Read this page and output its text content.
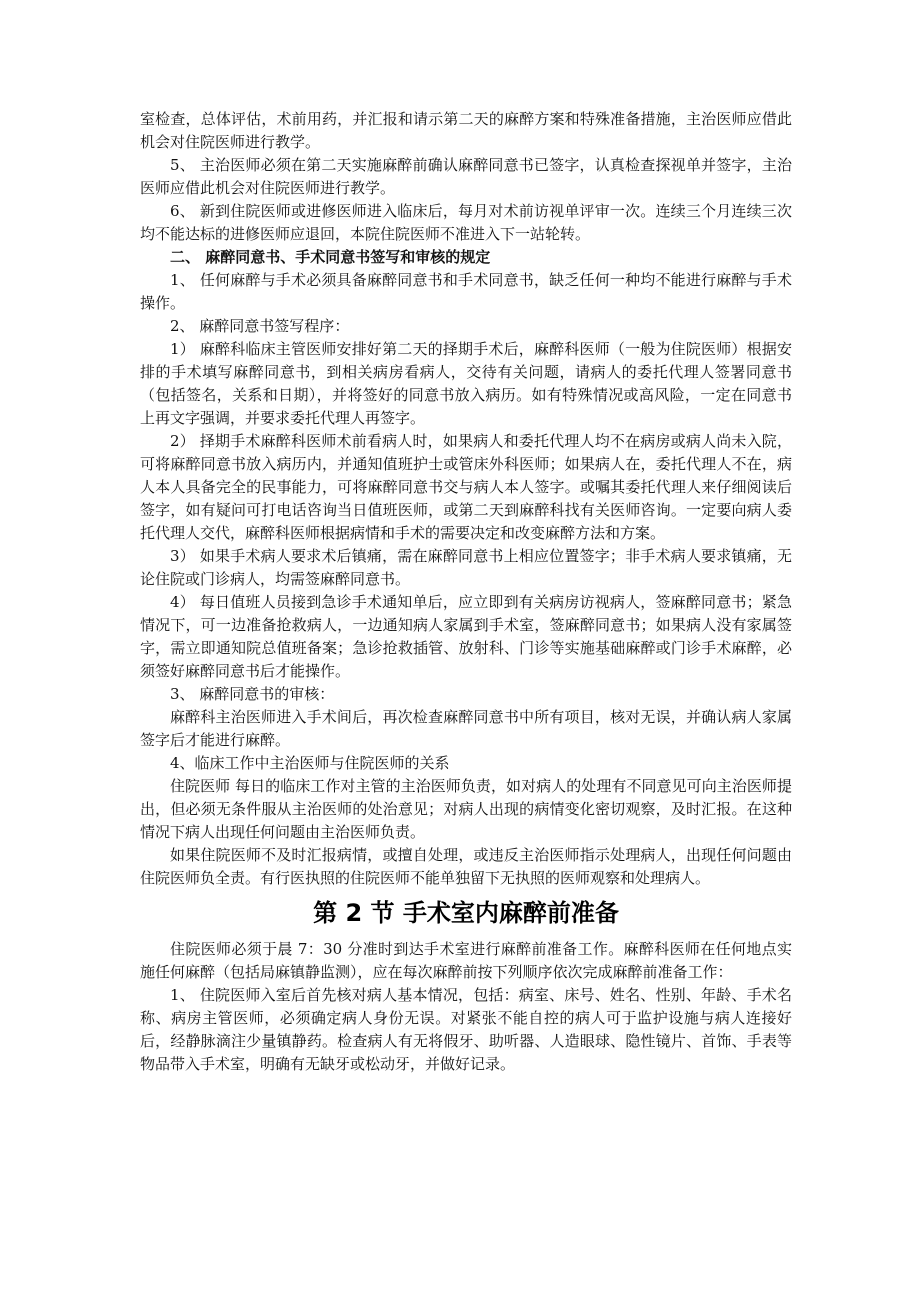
室检查，总体评估，术前用药，并汇报和请示第二天的麻醉方案和特殊准备措施，主治医师应借此机会对住院医师进行教学。

5、 主治医师必须在第二天实施麻醉前确认麻醉同意书已签字，认真检查探视单并签字，主治医师应借此机会对住院医师进行教学。

6、 新到住院医师或进修医师进入临床后，每月对术前访视单评审一次。连续三个月连续三次均不能达标的进修医师应退回，本院住院医师不准进入下一站轮转。

二、 麻醉同意书、手术同意书签写和审核的规定

1、 任何麻醉与手术必须具备麻醉同意书和手术同意书，缺乏任何一种均不能进行麻醉与手术操作。

2、 麻醉同意书签写程序：

1） 麻醉科临床主管医师安排好第二天的择期手术后，麻醉科医师（一般为住院医师）根据安排的手术填写麻醉同意书，到相关病房看病人，交待有关问题，请病人的委托代理人签署同意书（包括签名，关系和日期），并将签好的同意书放入病历。如有特殊情况或高风险，一定在同意书上再文字强调，并要求委托代理人再签字。

2） 择期手术麻醉科医师术前看病人时，如果病人和委托代理人均不在病房或病人尚未入院，可将麻醉同意书放入病历内，并通知值班护士或管床外科医师；如果病人在，委托代理人不在，病人本人具备完全的民事能力，可将麻醉同意书交与病人本人签字。或嘱其委托代理人来仔细阅读后签字，如有疑问可打电话咨询当日值班医师，或第二天到麻醉科找有关医师咨询。一定要向病人委托代理人交代，麻醉科医师根据病情和手术的需要决定和改变麻醉方法和方案。

3） 如果手术病人要求术后镇痛，需在麻醉同意书上相应位置签字；非手术病人要求镇痛，无论住院或门诊病人，均需签麻醉同意书。

4） 每日值班人员接到急诊手术通知单后，应立即到有关病房访视病人，签麻醉同意书；紧急情况下，可一边准备抢救病人，一边通知病人家属到手术室，签麻醉同意书；如果病人没有家属签字，需立即通知院总值班备案；急诊抢救插管、放射科、门诊等实施基础麻醉或门诊手术麻醉，必须签好麻醉同意书后才能操作。

3、 麻醉同意书的审核：

麻醉科主治医师进入手术间后，再次检查麻醉同意书中所有项目，核对无误，并确认病人家属签字后才能进行麻醉。

4、临床工作中主治医师与住院医师的关系

住院医师 每日的临床工作对主管的主治医师负责，如对病人的处理有不同意见可向主治医师提出，但必须无条件服从主治医师的处治意见；对病人出现的病情变化密切观察，及时汇报。在这种情况下病人出现任何问题由主治医师负责。

如果住院医师不及时汇报病情，或擅自处理，或违反主治医师指示处理病人，出现任何问题由住院医师负全责。有行医执照的住院医师不能单独留下无执照的医师观察和处理病人。

第 2 节 手术室内麻醉前准备

住院医师必须于晨 7：30 分准时到达手术室进行麻醉前准备工作。麻醉科医师在任何地点实施任何麻醉（包括局麻镇静监测），应在每次麻醉前按下列顺序依次完成麻醉前准备工作：

1、 住院医师入室后首先核对病人基本情况，包括：病室、床号、姓名、性别、年龄、手术名称、病房主管医师，必须确定病人身份无误。对紧张不能自控的病人可于监护设施与病人连接好后，经静脉滴注少量镇静药。检查病人有无将假牙、助听器、人造眼球、隐性镜片、首饰、手表等物品带入手术室，明确有无缺牙或松动牙，并做好记录。
